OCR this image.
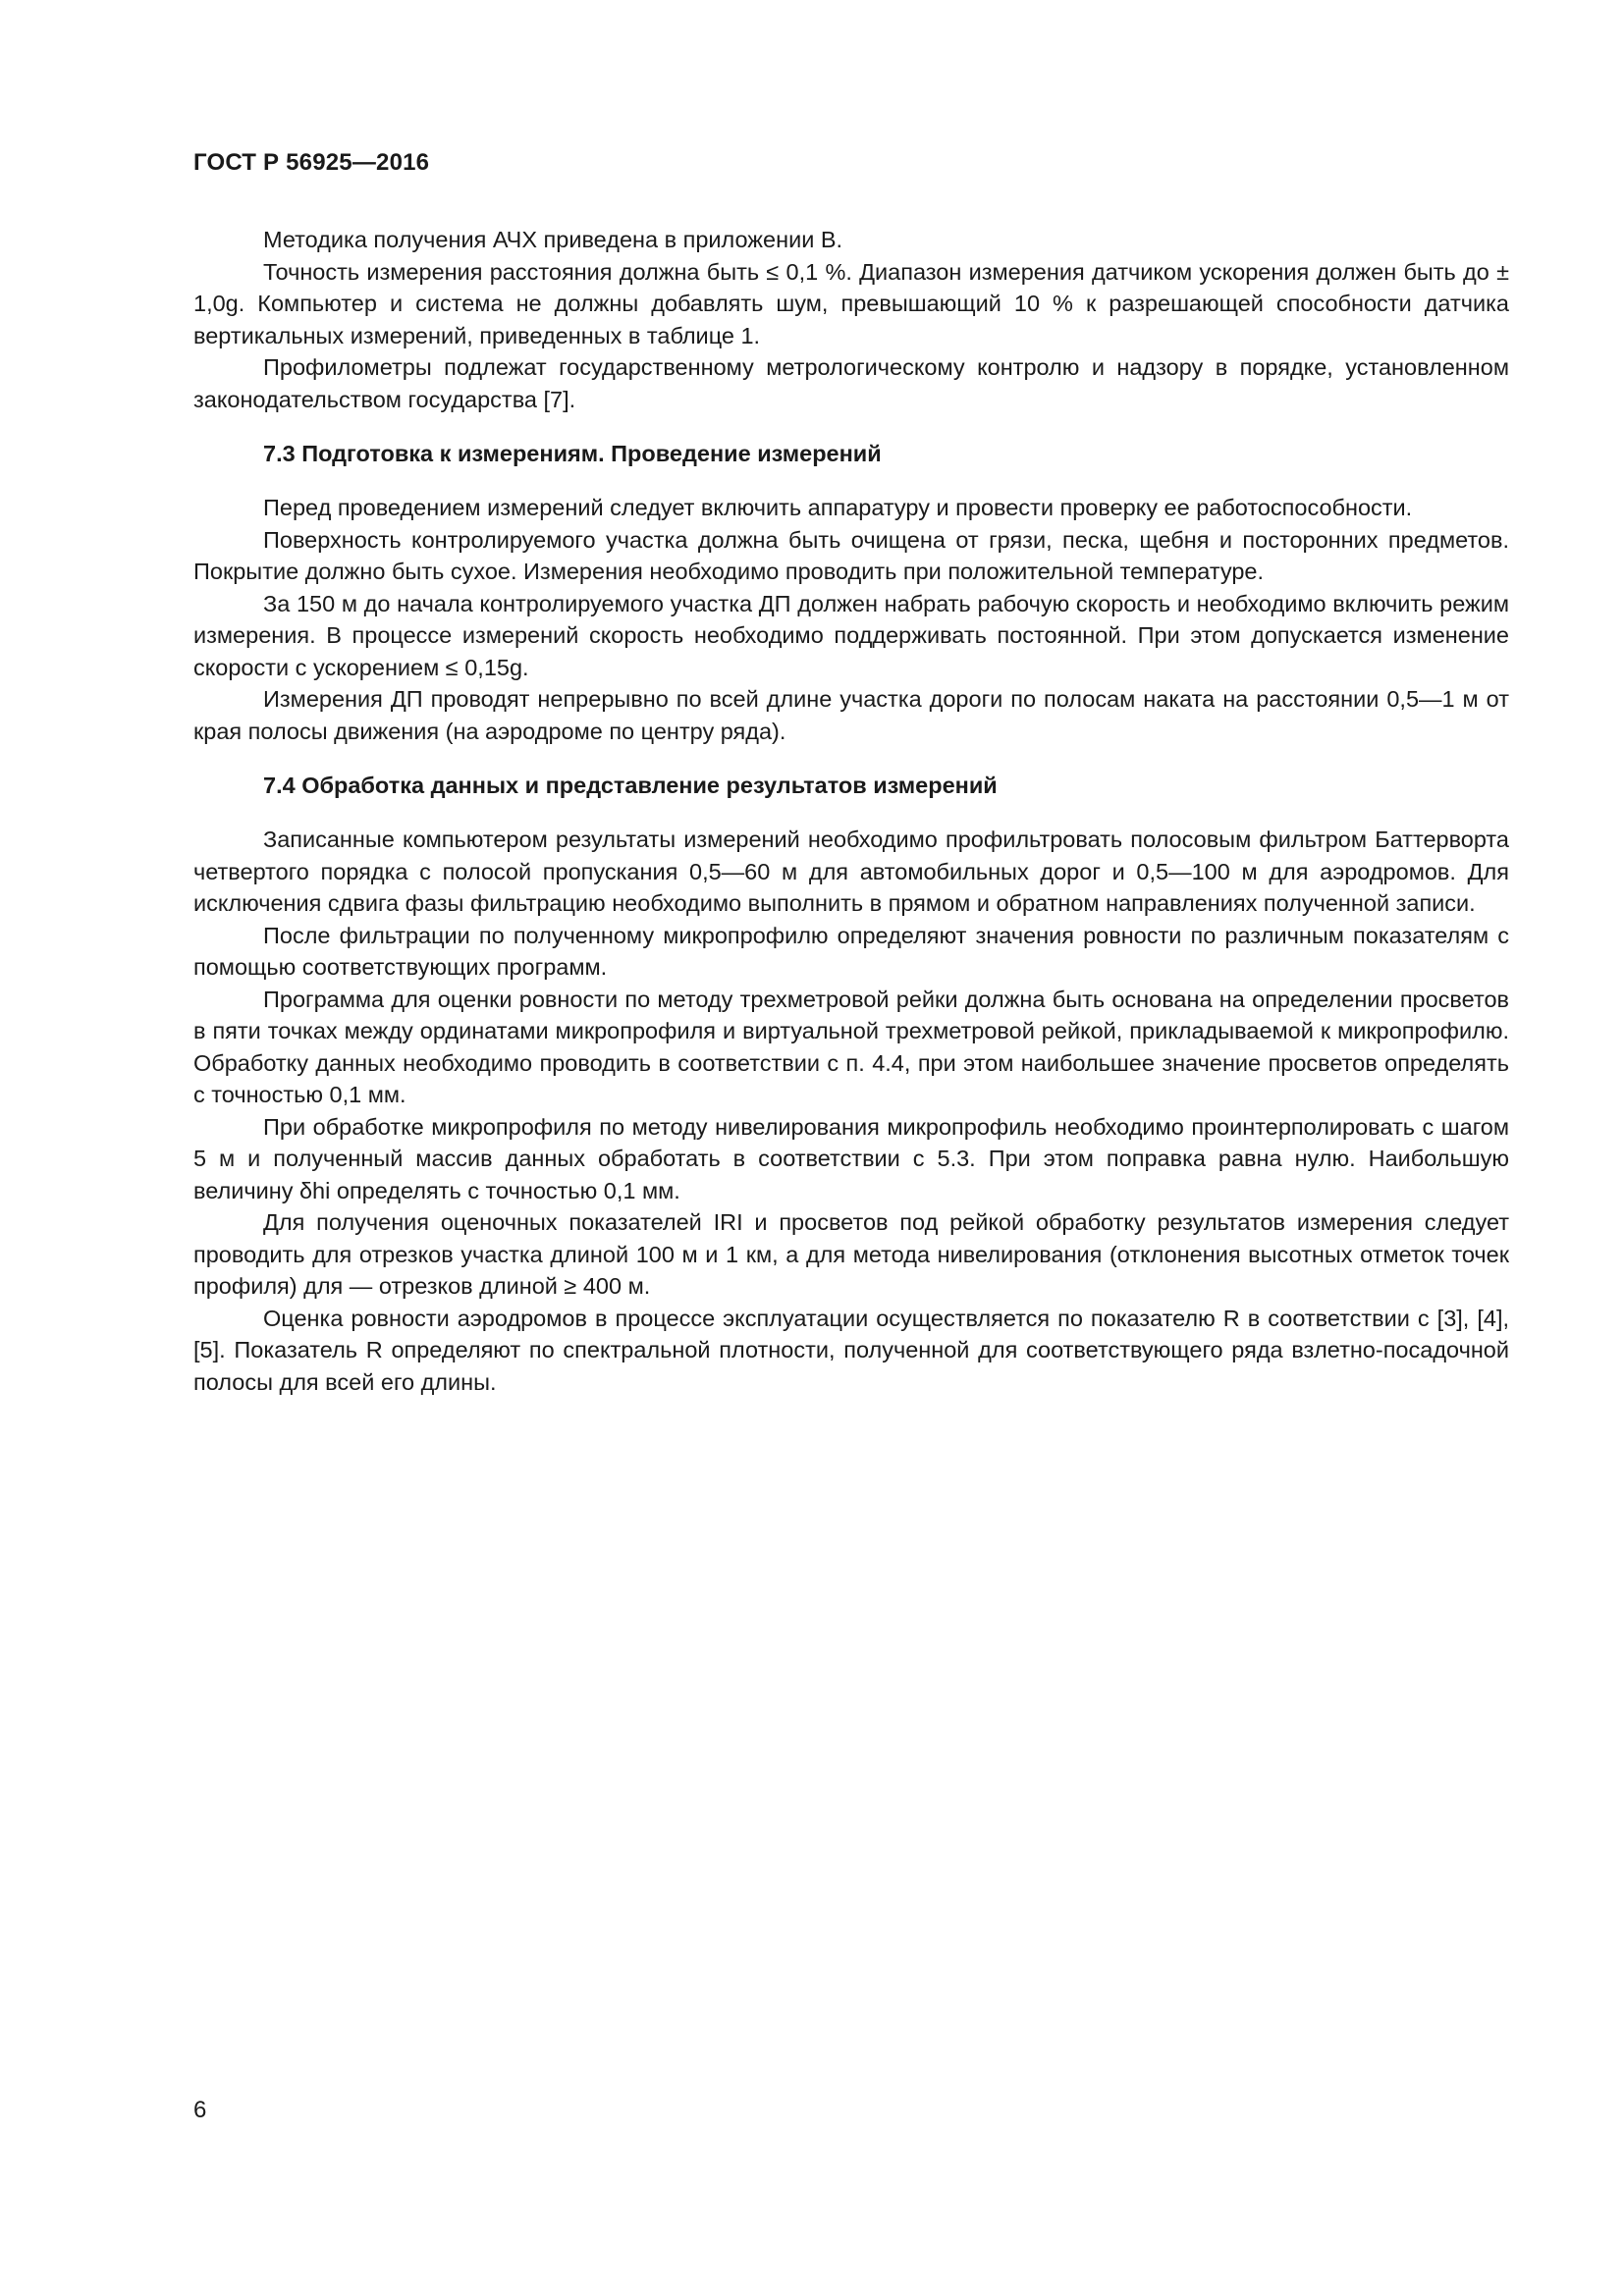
ГОСТ Р 56925—2016

Методика получения АЧХ приведена в приложении В.

Точность измерения расстояния должна быть ≤ 0,1 %. Диапазон измерения датчиком ускорения должен быть до ± 1,0g. Компьютер и система не должны добавлять шум, превышающий 10 % к разрешающей способности датчика вертикальных измерений, приведенных в таблице 1.

Профилометры подлежат государственному метрологическому контролю и надзору в порядке, установленном законодательством государства [7].

7.3 Подготовка к измерениям. Проведение измерений

Перед проведением измерений следует включить аппаратуру и провести проверку ее работоспособности.

Поверхность контролируемого участка должна быть очищена от грязи, песка, щебня и посторонних предметов. Покрытие должно быть сухое. Измерения необходимо проводить при положительной температуре.

За 150 м до начала контролируемого участка ДП должен набрать рабочую скорость и необходимо включить режим измерения. В процессе измерений скорость необходимо поддерживать постоянной. При этом допускается изменение скорости с ускорением ≤ 0,15g.

Измерения ДП проводят непрерывно по всей длине участка дороги по полосам наката на расстоянии 0,5—1 м от края полосы движения (на аэродроме по центру ряда).

7.4 Обработка данных и представление результатов измерений

Записанные компьютером результаты измерений необходимо профильтровать полосовым фильтром Баттерворта четвертого порядка с полосой пропускания 0,5—60 м для автомобильных дорог и 0,5—100 м для аэродромов. Для исключения сдвига фазы фильтрацию необходимо выполнить в прямом и обратном направлениях полученной записи.

После фильтрации по полученному микропрофилю определяют значения ровности по различным показателям с помощью соответствующих программ.

Программа для оценки ровности по методу трехметровой рейки должна быть основана на определении просветов в пяти точках между ординатами микропрофиля и виртуальной трехметровой рейкой, прикладываемой к микропрофилю. Обработку данных необходимо проводить в соответствии с п. 4.4, при этом наибольшее значение просветов определять с точностью 0,1 мм.

При обработке микропрофиля по методу нивелирования микропрофиль необходимо проинтерполировать с шагом 5 м и полученный массив данных обработать в соответствии с 5.3. При этом поправка равна нулю. Наибольшую величину δhi определять с точностью 0,1 мм.

Для получения оценочных показателей IRI и просветов под рейкой обработку результатов измерения следует проводить для отрезков участка длиной 100 м и 1 км, а для метода нивелирования (отклонения высотных отметок точек профиля) для — отрезков длиной ≥ 400 м.

Оценка ровности аэродромов в процессе эксплуатации осуществляется по показателю R в соответствии с [3], [4], [5]. Показатель R определяют по спектральной плотности, полученной для соответствующего ряда взлетно-посадочной полосы для всей его длины.

6
